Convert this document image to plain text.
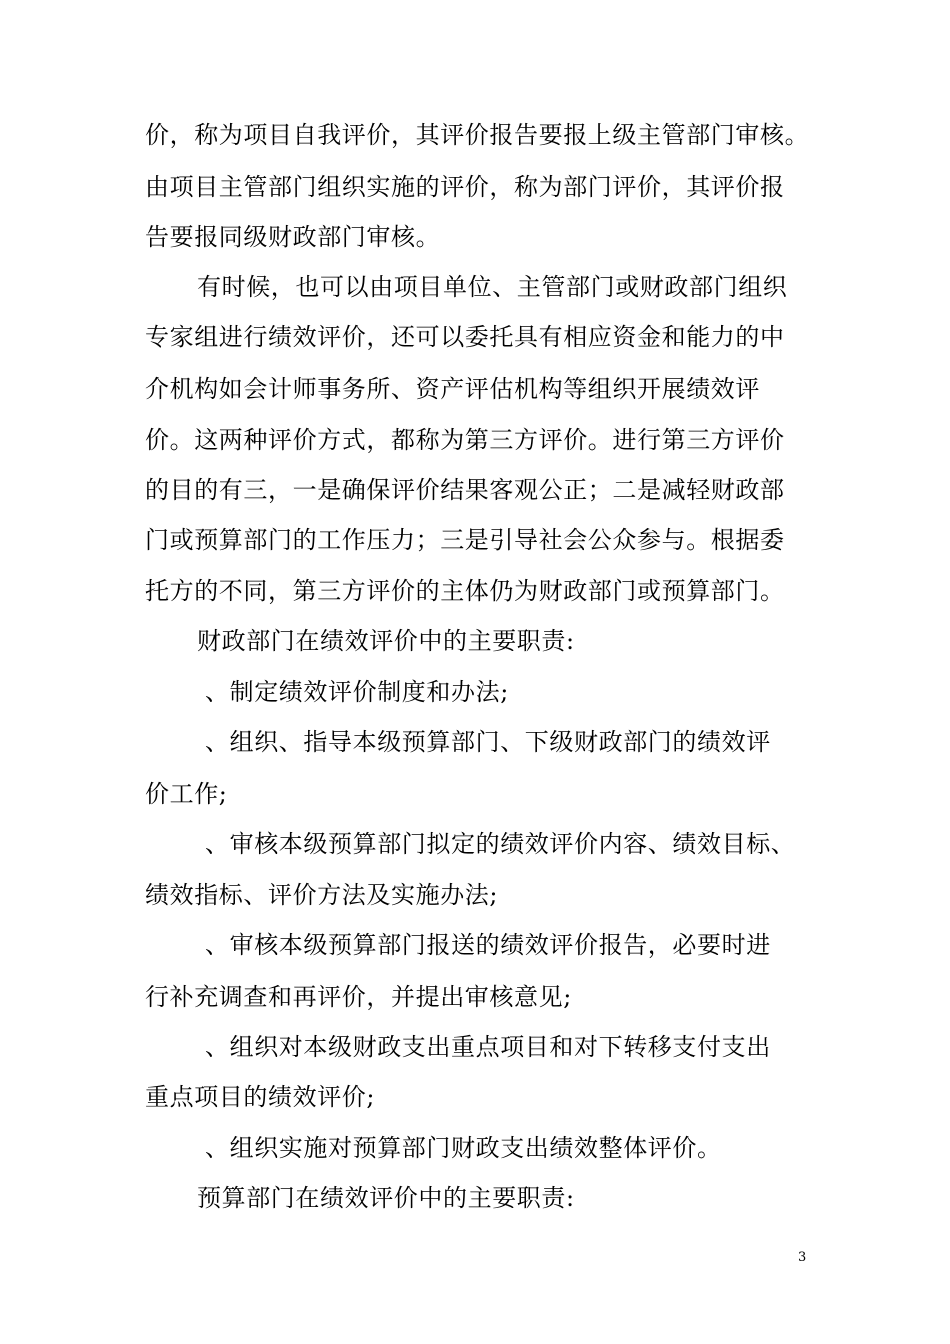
价，称为项目自我评价，其评价报告要报上级主管部门审核。
由项目主管部门组织实施的评价，称为部门评价，其评价报
告要报同级财政部门审核。
有时候，也可以由项目单位、主管部门或财政部门组织
专家组进行绩效评价，还可以委托具有相应资金和能力的中
介机构如会计师事务所、资产评估机构等组织开展绩效评
价。这两种评价方式，都称为第三方评价。进行第三方评价
的目的有三，一是确保评价结果客观公正；二是减轻财政部
门或预算部门的工作压力；三是引导社会公众参与。根据委
托方的不同，第三方评价的主体仍为财政部门或预算部门。
财政部门在绩效评价中的主要职责:
、制定绩效评价制度和办法;
、组织、指导本级预算部门、下级财政部门的绩效评
价工作;
、审核本级预算部门拟定的绩效评价内容、绩效目标、
绩效指标、评价方法及实施办法;
、审核本级预算部门报送的绩效评价报告，必要时进
行补充调查和再评价，并提出审核意见;
、组织对本级财政支出重点项目和对下转移支付支出
重点项目的绩效评价;
、组织实施对预算部门财政支出绩效整体评价。
预算部门在绩效评价中的主要职责:
3
